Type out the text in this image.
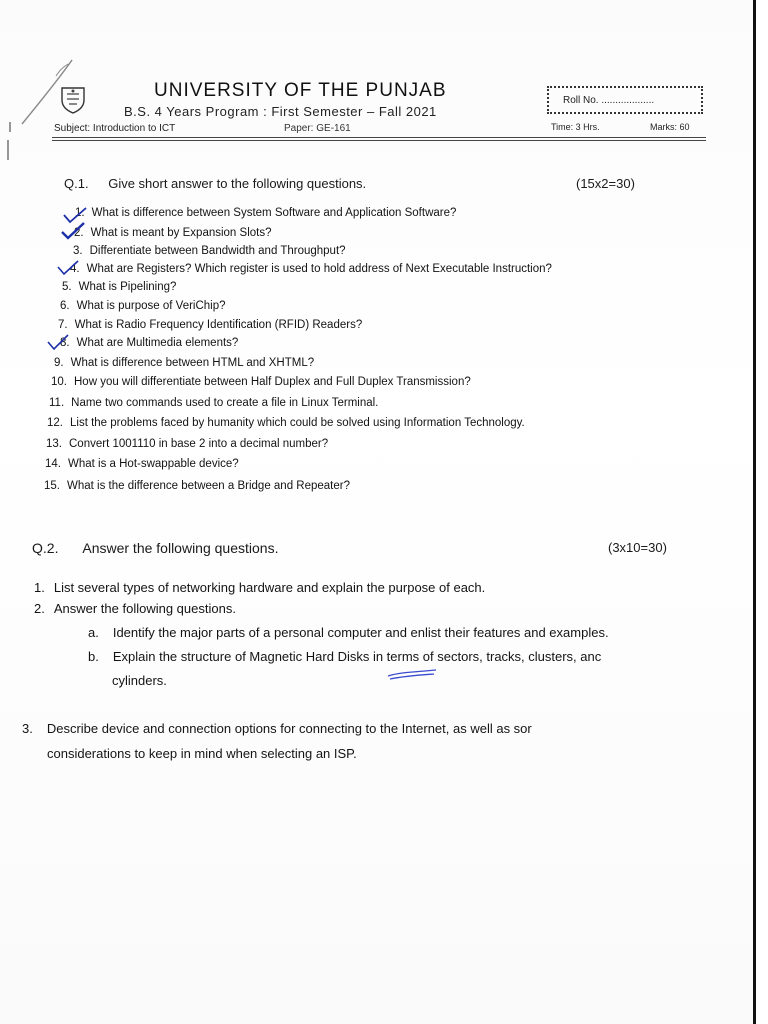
UNIVERSITY OF THE PUNJAB
B.S. 4 Years Program : First Semester – Fall 2021
Subject: Introduction to ICT	Paper: GE-161
Roll No. ...................
Time: 3 Hrs.	Marks: 60
Q.1. Give short answer to the following questions.	(15x2=30)
1. What is difference between System Software and Application Software?
2. What is meant by Expansion Slots?
3. Differentiate between Bandwidth and Throughput?
4. What are Registers? Which register is used to hold address of Next Executable Instruction?
5. What is Pipelining?
6. What is purpose of VeriChip?
7. What is Radio Frequency Identification (RFID) Readers?
8. What are Multimedia elements?
9. What is difference between HTML and XHTML?
10. How you will differentiate between Half Duplex and Full Duplex Transmission?
11. Name two commands used to create a file in Linux Terminal.
12. List the problems faced by humanity which could be solved using Information Technology.
13. Convert 1001110 in base 2 into a decimal number?
14. What is a Hot-swappable device?
15. What is the difference between a Bridge and Repeater?
Q.2. Answer the following questions.	(3x10=30)
1. List several types of networking hardware and explain the purpose of each.
2. Answer the following questions.
a. Identify the major parts of a personal computer and enlist their features and examples.
b. Explain the structure of Magnetic Hard Disks in terms of sectors, tracks, clusters, anc
cylinders.
3. Describe device and connection options for connecting to the Internet, as well as sor
considerations to keep in mind when selecting an ISP.
